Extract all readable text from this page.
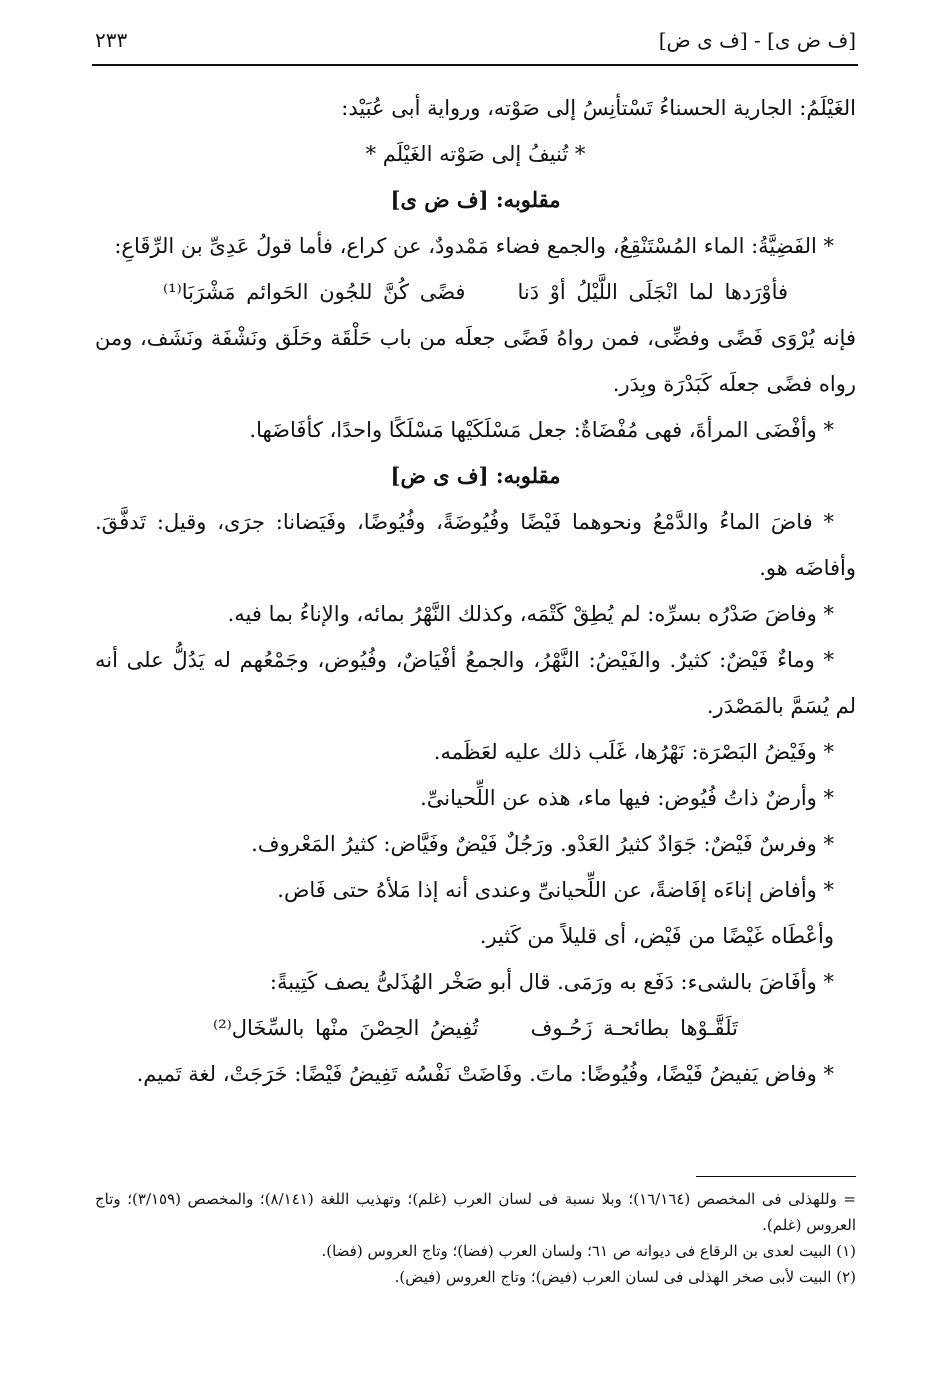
[ف ض ى] - [ف ى ض]
٢٣٣

الغَيْلَمُ: الجارية الحسناءُ تَسْتأنِسُ إلى صَوْته، ورواية أبى عُبَيْد:

* تُنيفُ إلى صَوْته الغَيْلَم *

مقلوبه: [ف ض ى]

* الفَضِيَّةُ: الماء المُسْتَنْقِعُ، والجمع فضاء مَمْدودٌ، عن كراع، فأما قولُ عَدِىِّ بن الرِّقَاعِ:

فأوْرَدها لما انْجَلَى اللَّيْلُ أوْ دَنافضًى كُنَّ للجُون الحَوائم مَشْرَبَا⁽¹⁾

فإنه يُرْوَى فَضًى وفضِّى، فمن رواهُ فَضًى جعلَه من باب حَلْقَة وحَلَق ونَشْفَة ونَشَف، ومن رواه فضًى جعلَه كَبَدْرَة وبِدَر.

* وأفْضَى المرأةَ، فهى مُفْضَاةٌ: جعل مَسْلَكَيْها مَسْلَكًا واحدًا، كأفَاضَها.

مقلوبه: [ف ى ض]

* فاضَ الماءُ والدَّمْعُ ونحوهما فَيْضًا وفُيُوضَةً، وفُيُوضًا، وفَيَضانا: جرَى، وقيل: تَدفَّقَ. وأفاضَه هو.

* وفاضَ صَدْرُه بسرِّه: لم يُطِقْ كَتْمَه، وكذلك النَّهْرُ بمائه، والإناءُ بما فيه.

* وماءٌ فَيْضٌ: كثيرٌ. والفَيْضُ: النَّهْرُ، والجمعُ أفْيَاضٌ، وفُيُوض، وجَمْعُهم له يَدُلُّ على أنه لم يُسَمَّ بالمَصْدَر.

* وفَيْضُ البَصْرَة: نَهْرُها، غَلَب ذلك عليه لعَظَمه.

* وأرضٌ ذاتُ فُيُوض: فيها ماء، هذه عن اللِّحيانىِّ.

* وفرسٌ فَيْضٌ: جَوَادٌ كثيرُ العَدْو. ورَجُلٌ فَيْضٌ وفَيَّاض: كثيرُ المَعْروف.

* وأفاض إناءَه إفَاضةً، عن اللِّحيانىِّ وعندى أنه إذا مَلأهُ حتى فَاض.

وأعْطَاه غَيْضًا من فَيْض، أى قليلاً من كَثير.

* وأفَاضَ بالشىء: دَفَع به ورَمَى. قال أبو صَخْر الهُذَلىُّ يصف كَتِيبةً:

تَلَقَّـوْها بطائحـة زَحُـوفتُفِيضُ الحِصْنَ منْها بالسِّخَال⁽²⁾

* وفاض يَفيضُ فَيْضًا، وفُيُوضًا: ماتَ. وفَاضَتْ نَفْسُه تَفِيضُ فَيْضًا: خَرَجَتْ، لغة تَميم.

= وللهذلى فى المخصص (١٦/١٦٤)؛ وبلا نسبة فى لسان العرب (غلم)؛ وتهذيب اللغة (٨/١٤١)؛ والمخصص (٣/١٥٩)؛ وتاج العروس (غلم).

(١) البيت لعدى بن الرقاع فى ديوانه ص ٦١؛ ولسان العرب (فضا)؛ وتاج العروس (فضا).

(٢) البيت لأبى صخر الهذلى فى لسان العرب (فيض)؛ وتاج العروس (فيض).
